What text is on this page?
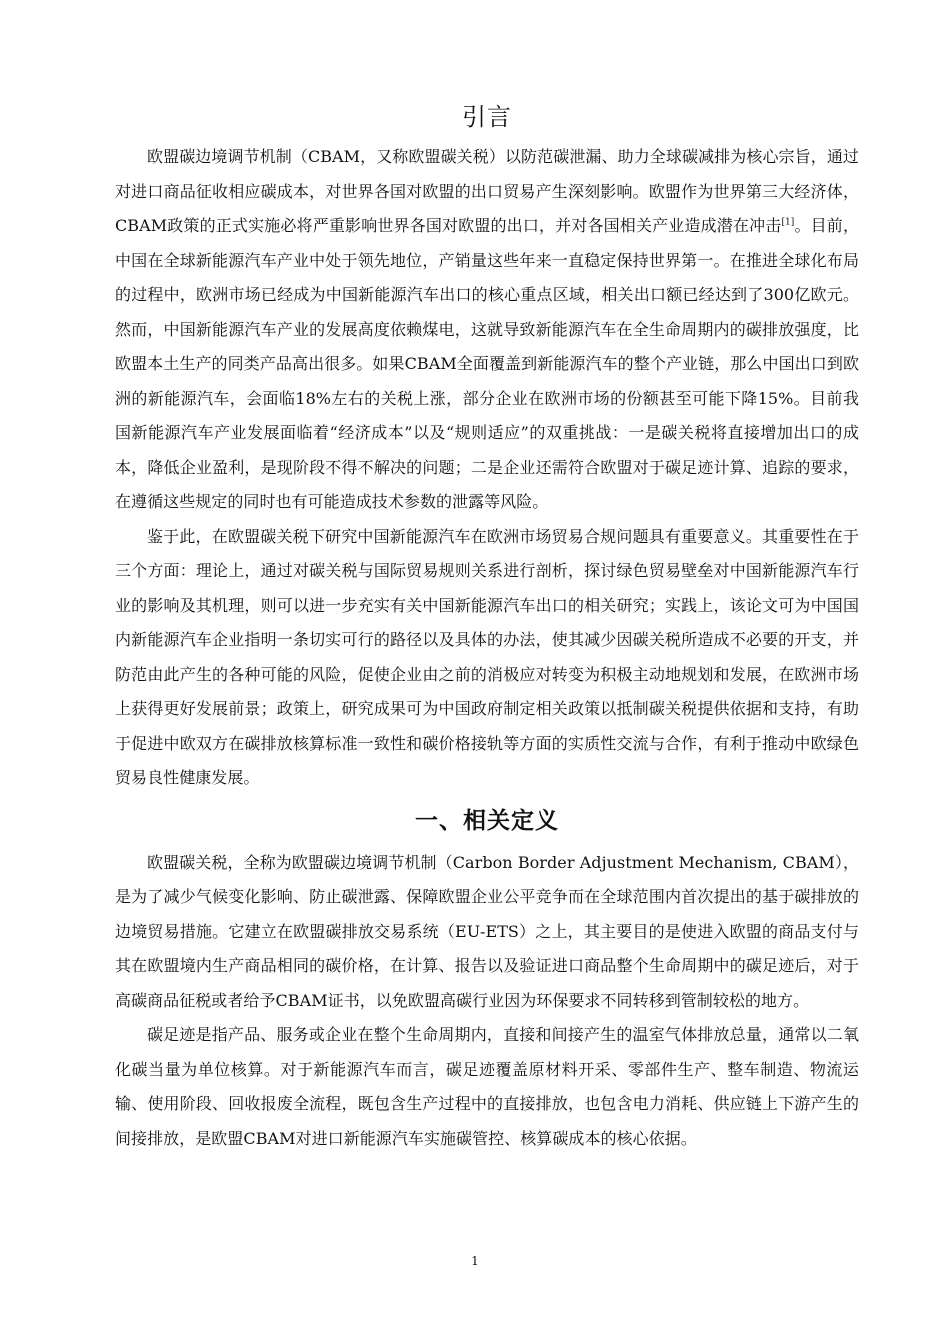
引言

欧盟碳边境调节机制（CBAM，又称欧盟碳关税）以防范碳泄漏、助力全球碳减排为核心宗旨，通过对进口商品征收相应碳成本，对世界各国对欧盟的出口贸易产生深刻影响。欧盟作为世界第三大经济体，CBAM政策的正式实施必将严重影响世界各国对欧盟的出口，并对各国相关产业造成潜在冲击[1]。目前，中国在全球新能源汽车产业中处于领先地位，产销量这些年来一直稳定保持世界第一。在推进全球化布局的过程中，欧洲市场已经成为中国新能源汽车出口的核心重点区域，相关出口额已经达到了300亿欧元。然而，中国新能源汽车产业的发展高度依赖煤电，这就导致新能源汽车在全生命周期内的碳排放强度，比欧盟本土生产的同类产品高出很多。如果CBAM全面覆盖到新能源汽车的整个产业链，那么中国出口到欧洲的新能源汽车，会面临18%左右的关税上涨，部分企业在欧洲市场的份额甚至可能下降15%。目前我国新能源汽车产业发展面临着“经济成本”以及“规则适应”的双重挑战：一是碳关税将直接增加出口的成本，降低企业盈利，是现阶段不得不解决的问题；二是企业还需符合欧盟对于碳足迹计算、追踪的要求，在遵循这些规定的同时也有可能造成技术参数的泄露等风险。

鉴于此，在欧盟碳关税下研究中国新能源汽车在欧洲市场贸易合规问题具有重要意义。其重要性在于三个方面：理论上，通过对碳关税与国际贸易规则关系进行剖析，探讨绿色贸易壁垒对中国新能源汽车行业的影响及其机理，则可以进一步充实有关中国新能源汽车出口的相关研究；实践上，该论文可为中国国内新能源汽车企业指明一条切实可行的路径以及具体的办法，使其减少因碳关税所造成不必要的开支，并防范由此产生的各种可能的风险，促使企业由之前的消极应对转变为积极主动地规划和发展，在欧洲市场上获得更好发展前景；政策上，研究成果可为中国政府制定相关政策以抵制碳关税提供依据和支持，有助于促进中欧双方在碳排放核算标准一致性和碳价格接轨等方面的实质性交流与合作，有利于推动中欧绿色贸易良性健康发展。

一、相关定义

欧盟碳关税，全称为欧盟碳边境调节机制（Carbon Border Adjustment Mechanism, CBAM），是为了减少气候变化影响、防止碳泄露、保障欧盟企业公平竞争而在全球范围内首次提出的基于碳排放的边境贸易措施。它建立在欧盟碳排放交易系统（EU-ETS）之上，其主要目的是使进入欧盟的商品支付与其在欧盟境内生产商品相同的碳价格，在计算、报告以及验证进口商品整个生命周期中的碳足迹后，对于高碳商品征税或者给予CBAM证书，以免欧盟高碳行业因为环保要求不同转移到管制较松的地方。

碳足迹是指产品、服务或企业在整个生命周期内，直接和间接产生的温室气体排放总量，通常以二氧化碳当量为单位核算。对于新能源汽车而言，碳足迹覆盖原材料开采、零部件生产、整车制造、物流运输、使用阶段、回收报废全流程，既包含生产过程中的直接排放，也包含电力消耗、供应链上下游产生的间接排放，是欧盟CBAM对进口新能源汽车实施碳管控、核算碳成本的核心依据。

1
